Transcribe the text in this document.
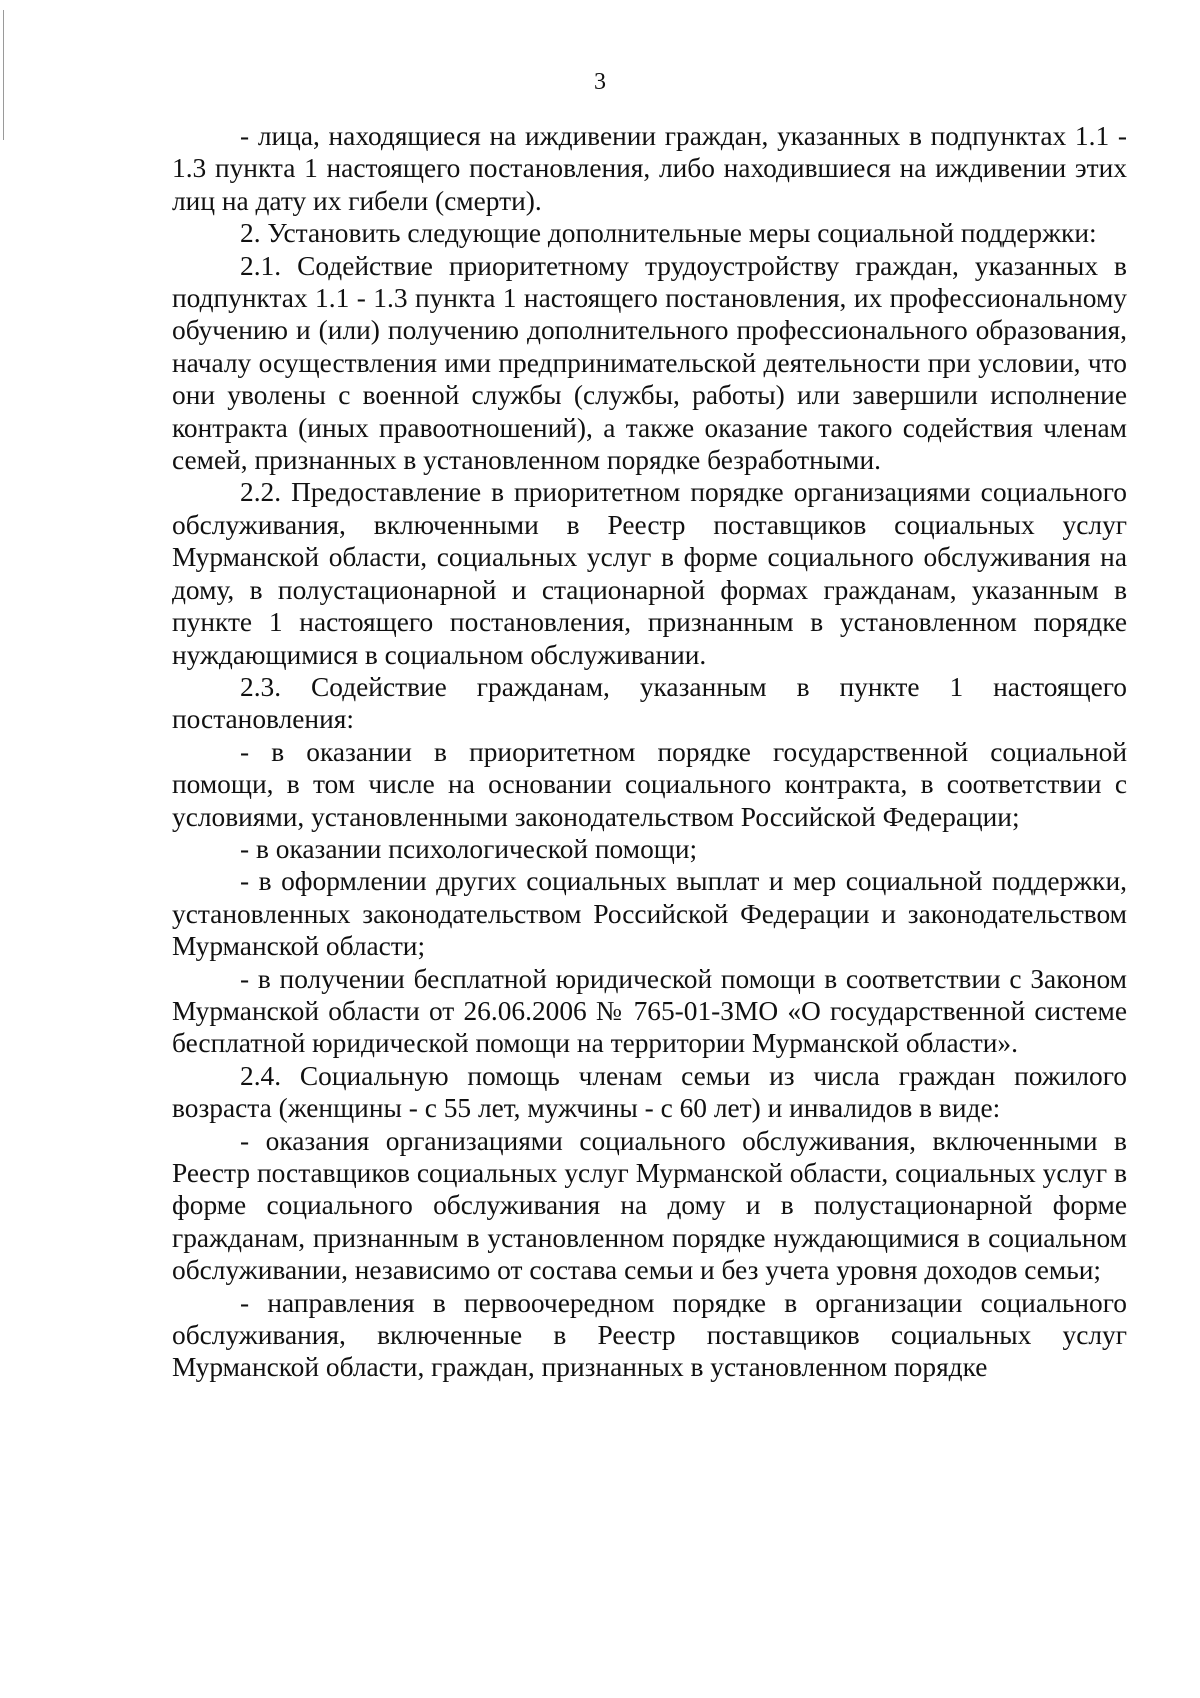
3

- лица, находящиеся на иждивении граждан, указанных в подпунктах 1.1 - 1.3 пункта 1 настоящего постановления, либо находившиеся на иждивении этих лиц на дату их гибели (смерти).

2. Установить следующие дополнительные меры социальной поддержки:

2.1. Содействие приоритетному трудоустройству граждан, указанных в подпунктах 1.1 - 1.3 пункта 1 настоящего постановления, их профессиональному обучению и (или) получению дополнительного профессионального образования, началу осуществления ими предпринимательской деятельности при условии, что они уволены с военной службы (службы, работы) или завершили исполнение контракта (иных правоотношений), а также оказание такого содействия членам семей, признанных в установленном порядке безработными.

2.2. Предоставление в приоритетном порядке организациями социального обслуживания, включенными в Реестр поставщиков социальных услуг Мурманской области, социальных услуг в форме социального обслуживания на дому, в полустационарной и стационарной формах гражданам, указанным в пункте 1 настоящего постановления, признанным в установленном порядке нуждающимися в социальном обслуживании.

2.3. Содействие гражданам, указанным в пункте 1 настоящего постановления:

- в оказании в приоритетном порядке государственной социальной помощи, в том числе на основании социального контракта, в соответствии с условиями, установленными законодательством Российской Федерации;

- в оказании психологической помощи;

- в оформлении других социальных выплат и мер социальной поддержки, установленных законодательством Российской Федерации и законодательством Мурманской области;

- в получении бесплатной юридической помощи в соответствии с Законом Мурманской области от 26.06.2006 № 765-01-ЗМО «О государственной системе бесплатной юридической помощи на территории Мурманской области».

2.4. Социальную помощь членам семьи из числа граждан пожилого возраста (женщины - с 55 лет, мужчины - с 60 лет) и инвалидов в виде:

- оказания организациями социального обслуживания, включенными в Реестр поставщиков социальных услуг Мурманской области, социальных услуг в форме социального обслуживания на дому и в полустационарной форме гражданам, признанным в установленном порядке нуждающимися в социальном обслуживании, независимо от состава семьи и без учета уровня доходов семьи;

- направления в первоочередном порядке в организации социального обслуживания, включенные в Реестр поставщиков социальных услуг Мурманской области, граждан, признанных в установленном порядке
